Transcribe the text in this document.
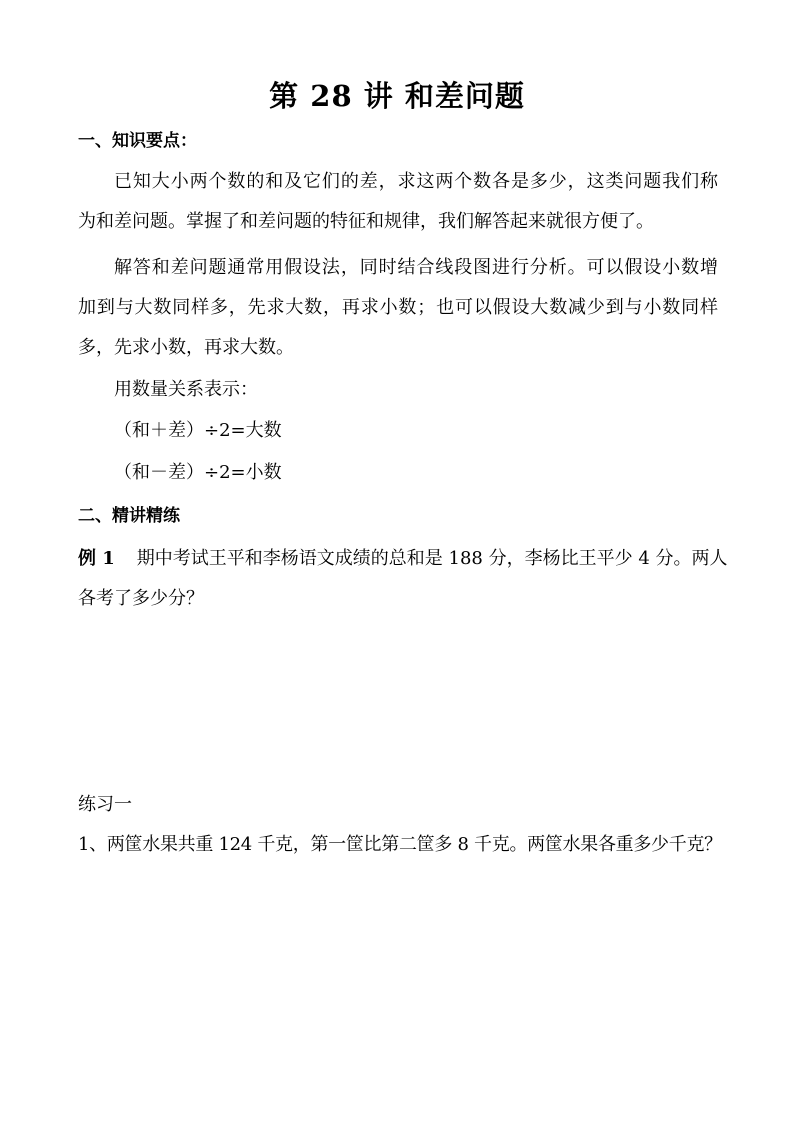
第 28 讲 和差问题
一、知识要点：
已知大小两个数的和及它们的差，求这两个数各是多少，这类问题我们称
为和差问题。掌握了和差问题的特征和规律，我们解答起来就很方便了。
解答和差问题通常用假设法，同时结合线段图进行分析。可以假设小数增
加到与大数同样多，先求大数，再求小数；也可以假设大数减少到与小数同样
多，先求小数，再求大数。
用数量关系表示：
（和＋差）÷2=大数
（和－差）÷2=小数
二、精讲精练
例 1 期中考试王平和李杨语文成绩的总和是 188 分，李杨比王平少 4 分。两人
各考了多少分？
练习一
1、两筐水果共重 124 千克，第一筐比第二筐多 8 千克。两筐水果各重多少千克？
